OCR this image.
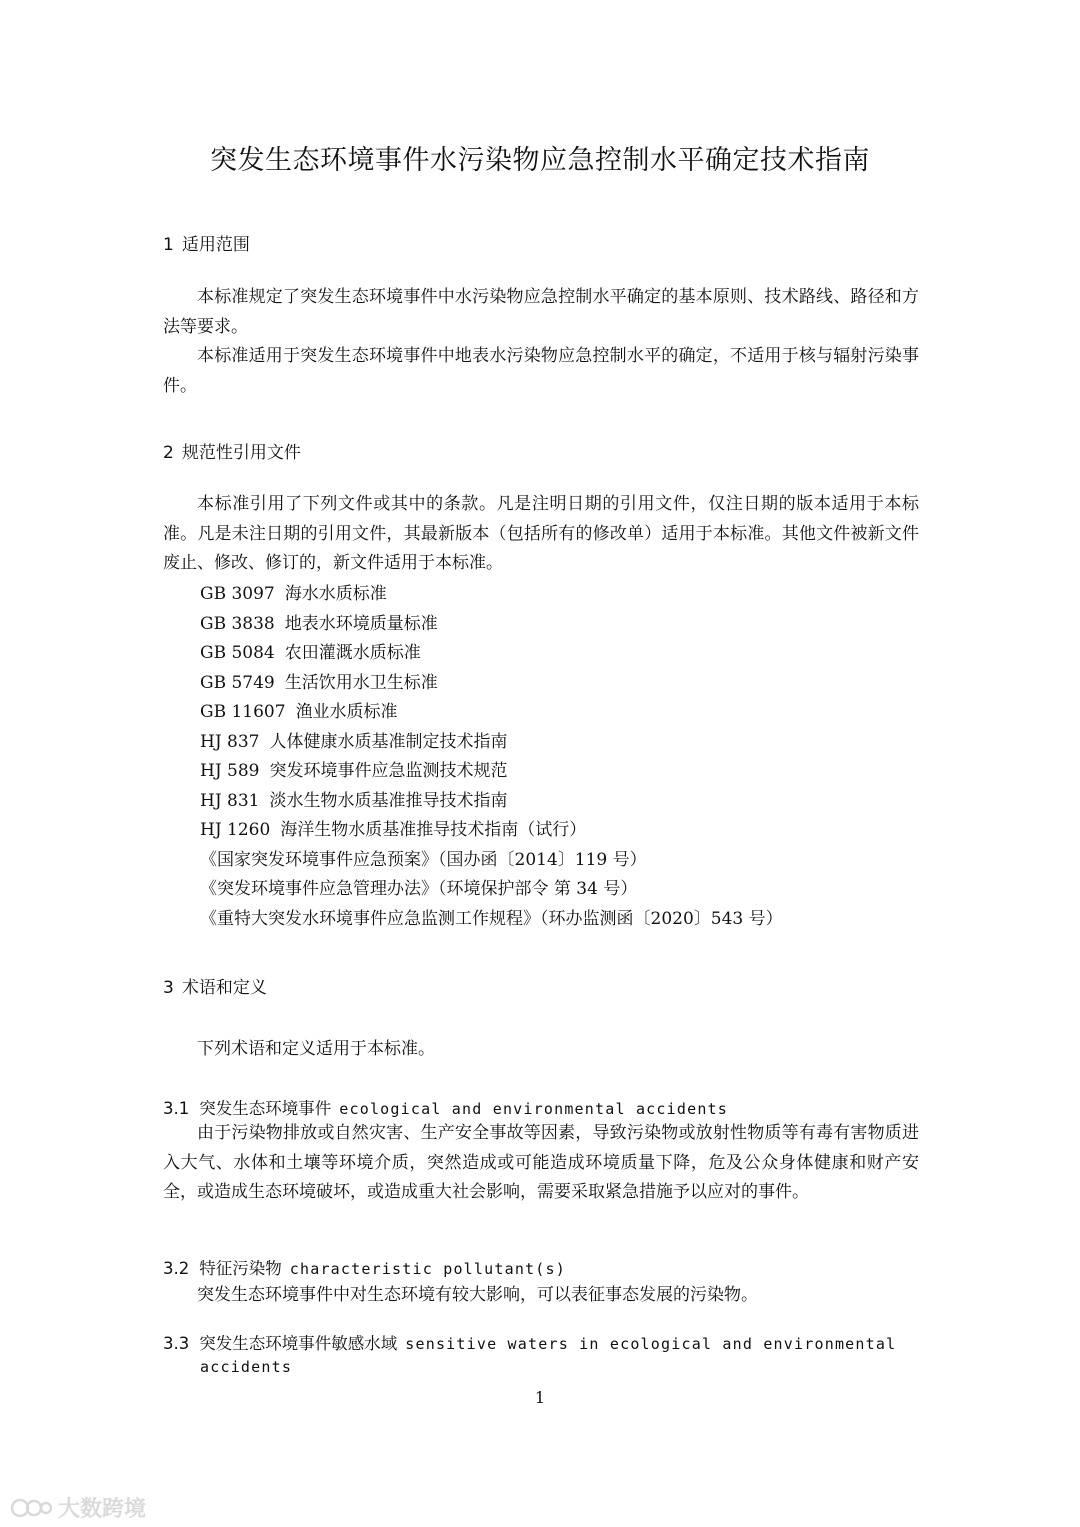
突发生态环境事件水污染物应急控制水平确定技术指南
1 适用范围
本标准规定了突发生态环境事件中水污染物应急控制水平确定的基本原则、技术路线、路径和方法等要求。
本标准适用于突发生态环境事件中地表水污染物应急控制水平的确定，不适用于核与辐射污染事件。
2 规范性引用文件
本标准引用了下列文件或其中的条款。凡是注明日期的引用文件，仅注日期的版本适用于本标准。凡是未注日期的引用文件，其最新版本（包括所有的修改单）适用于本标准。其他文件被新文件废止、修改、修订的，新文件适用于本标准。
GB 3097 海水水质标准
GB 3838 地表水环境质量标准
GB 5084 农田灌溉水质标准
GB 5749 生活饮用水卫生标准
GB 11607 渔业水质标准
HJ 837 人体健康水质基准制定技术指南
HJ 589 突发环境事件应急监测技术规范
HJ 831 淡水生物水质基准推导技术指南
HJ 1260 海洋生物水质基准推导技术指南（试行）
《国家突发环境事件应急预案》（国办函〔2014〕119 号）
《突发环境事件应急管理办法》（环境保护部令 第 34 号）
《重特大突发水环境事件应急监测工作规程》（环办监测函〔2020〕543 号）
3 术语和定义
下列术语和定义适用于本标准。
3.1 突发生态环境事件 ecological and environmental accidents
由于污染物排放或自然灾害、生产安全事故等因素，导致污染物或放射性物质等有毒有害物质进入大气、水体和土壤等环境介质，突然造成或可能造成环境质量下降，危及公众身体健康和财产安全，或造成生态环境破坏，或造成重大社会影响，需要采取紧急措施予以应对的事件。
3.2 特征污染物 characteristic pollutant(s)
突发生态环境事件中对生态环境有较大影响，可以表征事态发展的污染物。
3.3 突发生态环境事件敏感水域 sensitive waters in ecological and environmental
accidents
1
大数跨境
